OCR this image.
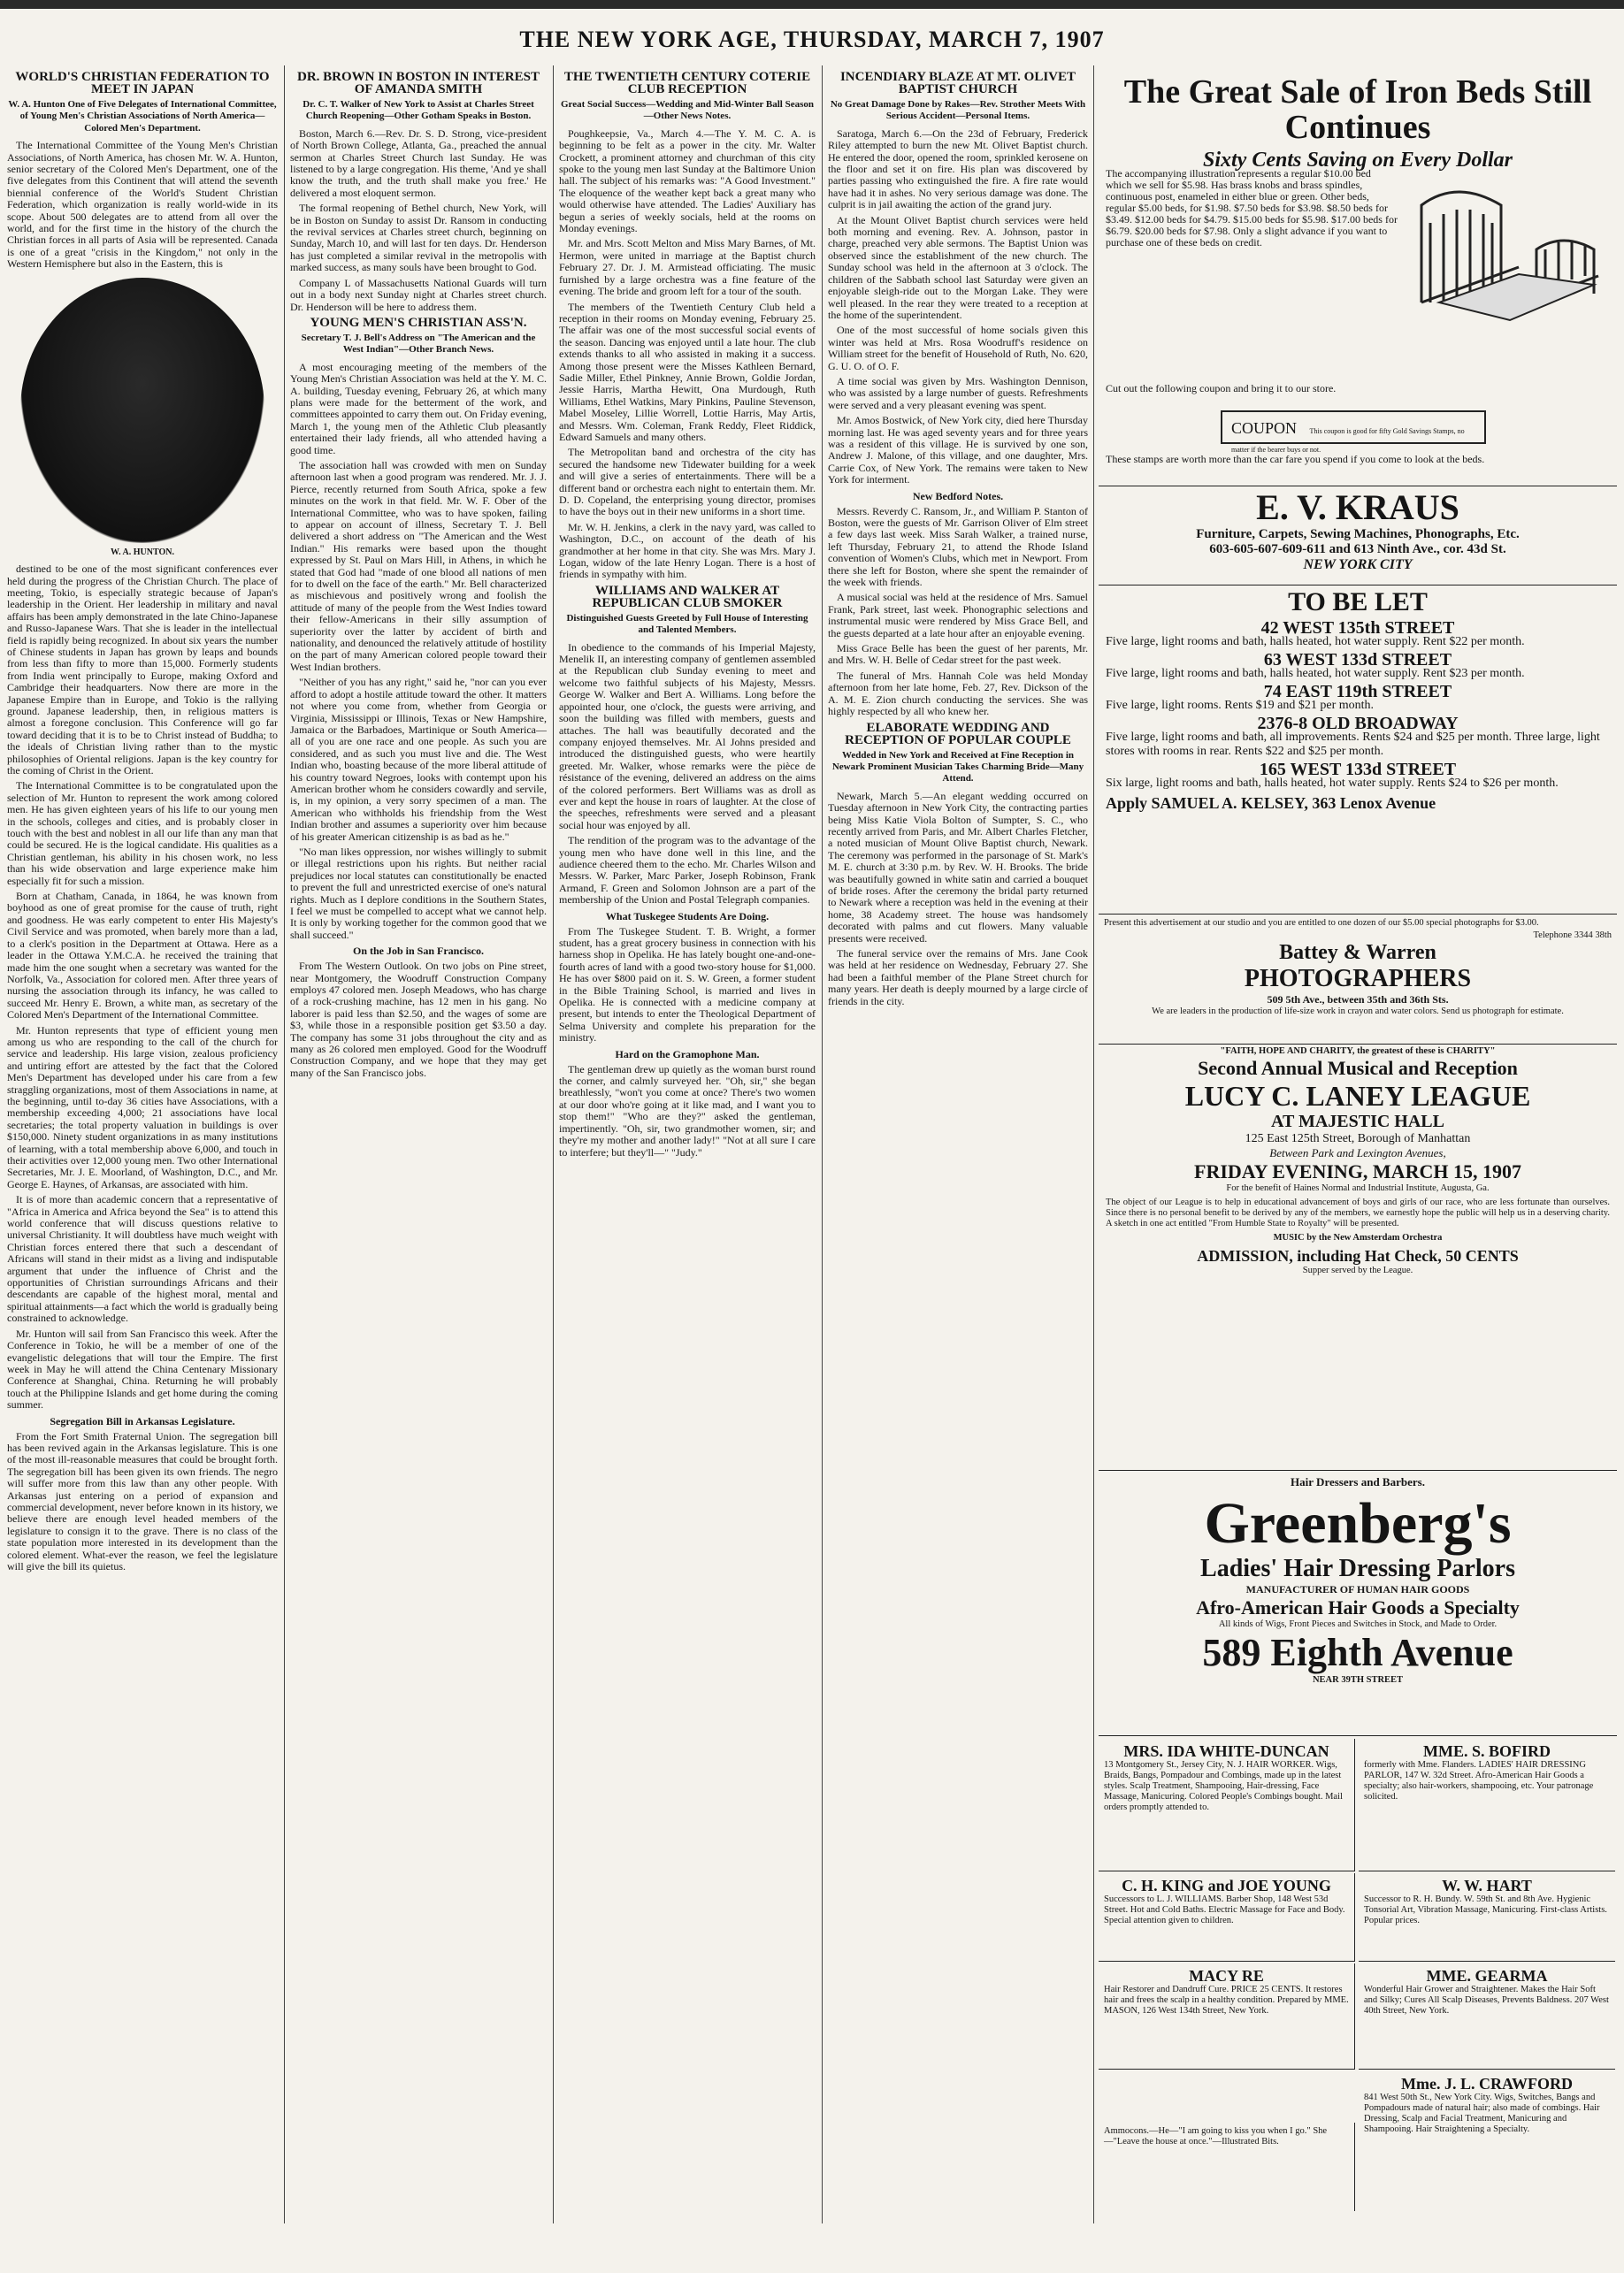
THE NEW YORK AGE, THURSDAY, MARCH 7, 1907
WORLD'S CHRISTIAN FEDERATION TO MEET IN JAPAN
W. A. Hunton One of Five Delegates of International Committee, of Young Men's Christian Associations of North America—Colored Men's Department.

The International Committee of the Young Men's Christian Associations, of North America, has chosen Mr. W. A. Hunton, senior secretary of the Colored Men's Department, one of the five delegates from this Continent that will attend the seventh biennial conference of the World's Student Christian Federation, which organization is really world-wide in its scope. About 500 delegates are to attend from all over the world, and for the first time in the history of the church the Christian forces in all parts of Asia will be represented. Canada is one of a great "crisis in the Kingdom," not only in the Western Hemisphere but also in the Eastern, this is

W. A. HUNTON.

destined to be one of the most significant conferences ever held during the progress of the Christian Church. The place of meeting, Tokio, is especially strategic because of Japan's leadership in the Orient. Her leadership in military and naval affairs has been amply demonstrated in the late Chino-Japanese and Russo-Japanese Wars. That she is leader in the intellectual field is rapidly being recognized. In about six years the number of Chinese students in Japan has grown by leaps and bounds from less than fifty to more than 15,000. Formerly students from India went principally to Europe, making Oxford and Cambridge their headquarters. Now there are more in the Japanese Empire than in Europe, and Tokio is the rallying ground. Japanese leadership, then, in religious matters is almost a foregone conclusion. This Conference will go far toward deciding that it is to be to Christ instead of Buddha; to the ideals of Christian living rather than to the mystic philosophies of Oriental religions. Japan is the key country for the coming of Christ in the Orient.

The International Committee is to be congratulated upon the selection of Mr. Hunton to represent the work among colored men. He has given eighteen years of his life to our young men in the schools, colleges and cities, and is probably closer in touch with the best and noblest in all our life than any man that could be secured. He is the logical candidate. His qualities as a Christian gentleman, his ability in his chosen work, no less than his wide observation and large experience make him especially fit for such a mission.

Born at Chatham, Canada, in 1864, he was known from boyhood as one of great promise for the cause of truth, right and goodness. He was early competent to enter His Majesty's Civil Service and was promoted, when barely more than a lad, to a clerk's position in the Department at Ottawa. Here as a leader in the Ottawa Y.M.C.A. he received the training that made him the one sought when a secretary was wanted for the Norfolk, Va., Association for colored men. After three years of nursing the association through its infancy, he was called to succeed Mr. Henry E. Brown, a white man, as secretary of the Colored Men's Department of the International Committee.

Mr. Hunton represents that type of efficient young men among us who are responding to the call of the church for service and leadership. His large vision, zealous proficiency and untiring effort are attested by the fact that the Colored Men's Department has developed under his care from a few straggling organizations, most of them Associations in name, at the beginning, until to-day 36 cities have Associations, with a membership exceeding 4,000; 21 associations have local secretaries; the total property valuation in buildings is over $150,000. Ninety student organizations in as many institutions of learning, with a total membership above 6,000, and touch in their activities over 12,000 young men. Two other International Secretaries, Mr. J. E. Moorland, of Washington, D.C., and Mr. George E. Haynes, of Arkansas, are associated with him.

It is of more than academic concern that a representative of "Africa in America and Africa beyond the Sea" is to attend this world conference that will discuss questions relative to universal Christianity. It will doubtless have much weight with Christian forces entered there that such a descendant of Africans will stand in their midst as a living and indisputable argument that under the influence of Christ and the opportunities of Christian surroundings Africans and their descendants are capable of the highest moral, mental and spiritual attainments—a fact which the world is gradually being constrained to acknowledge.

Mr. Hunton will sail from San Francisco this week. After the Conference in Tokio, he will be a member of one of the evangelistic delegations that will tour the Empire. The first week in May he will attend the China Centenary Missionary Conference at Shanghai, China. Returning he will probably touch at the Philippine Islands and get home during the coming summer.

Segregation Bill in Arkansas Legislature.

From the Fort Smith Fraternal Union. The segregation bill has been revived again in the Arkansas legislature. This is one of the most ill-reasonable measures that could be brought forth. The segregation bill has been given its own friends. The negro will suffer more from this law than any other people. With Arkansas just entering on a period of expansion and commercial development, never before known in its history, we believe there are enough level headed members of the legislature to consign it to the grave. There is no class of the state population more interested in its development than the colored element. What-ever the reason, we feel the legislature will give the bill its quietus.

DR. BROWN IN BOSTON IN INTEREST OF AMANDA SMITH
Dr. C. T. Walker of New York to Assist at Charles Street Church Reopening—Other Gotham Speaks in Boston.

Boston, March 6.—Rev. Dr. S. D. Strong, vice-president of North Brown College, Atlanta, Ga., preached the annual sermon at Charles Street Church last Sunday. He was listened to by a large congregation. His theme, 'And ye shall know the truth, and the truth shall make you free.' He delivered a most eloquent sermon.

The formal reopening of Bethel church, New York, will be in Boston on Sunday to assist Dr. Ransom in conducting the revival services at Charles street church, beginning on Sunday, March 10, and will last for ten days. Dr. Henderson has just completed a similar revival in the metropolis with marked success, as many souls have been brought to God.

Company L of Massachusetts National Guards will turn out in a body next Sunday night at Charles street church. Dr. Henderson will be here to address them.

YOUNG MEN'S CHRISTIAN ASS'N.
Secretary T. J. Bell's Address on "The American and the West Indian"—Other Branch News.

A most encouraging meeting of the members of the Young Men's Christian Association was held at the Y. M. C. A. building, Tuesday evening, February 26, at which many plans were made for the betterment of the work, and committees appointed to carry them out. On Friday evening, March 1, the young men of the Athletic Club pleasantly entertained their lady friends, all who attended having a good time.

The association hall was crowded with men on Sunday afternoon last when a good program was rendered. Mr. J. J. Pierce, recently returned from South Africa, spoke a few minutes on the work in that field. Mr. W. F. Ober of the International Committee, who was to have spoken, failing to appear on account of illness, Secretary T. J. Bell delivered a short address on "The American and the West Indian." His remarks were based upon the thought expressed by St. Paul on Mars Hill, in Athens, in which he stated that God had "made of one blood all nations of men for to dwell on the face of the earth." Mr. Bell characterized as mischievous and positively wrong and foolish the attitude of many of the people from the West Indies toward their fellow-Americans in their silly assumption of superiority over the latter by accident of birth and nationality, and denounced the relatively attitude of hostility on the part of many American colored people toward their West Indian brothers.

"Neither of you has any right," said he, "nor can you ever afford to adopt a hostile attitude toward the other. It matters not where you come from, whether from Georgia or Virginia, Mississippi or Illinois, Texas or New Hampshire, Jamaica or the Barbadoes, Martinique or South America—all of you are one race and one people. As such you are considered, and as such you must live and die. The West Indian who, boasting because of the more liberal attitude of his country toward Negroes, looks with contempt upon his American brother whom he considers cowardly and servile, is, in my opinion, a very sorry specimen of a man. The American who withholds his friendship from the West Indian brother and assumes a superiority over him because of his greater American citizenship is as bad as he."

"No man likes oppression, nor wishes willingly to submit or illegal restrictions upon his rights. But neither racial prejudices nor local statutes can constitutionally be enacted to prevent the full and unrestricted exercise of one's natural rights. Much as I deplore conditions in the Southern States, I feel we must be compelled to accept what we cannot help. It is only by working together for the common good that we shall succeed."

On the Job in San Francisco.

From The Western Outlook. On two jobs on Pine street, near Montgomery, the Woodruff Construction Company employs 47 colored men. Joseph Meadows, who has charge of a rock-crushing machine, has 12 men in his gang. No laborer is paid less than $2.50, and the wages of some are $3, while those in a responsible position get $3.50 a day. The company has some 31 jobs throughout the city and as many as 26 colored men employed. Good for the Woodruff Construction Company, and we hope that they may get many of the San Francisco jobs.

THE TWENTIETH CENTURY COTERIE CLUB RECEPTION
Great Social Success—Wedding and Mid-Winter Ball Season—Other News Notes.

Poughkeepsie, Va., March 4.—The Y. M. C. A. is beginning to be felt as a power in the city. Mr. Walter Crockett, a prominent attorney and churchman of this city spoke to the young men last Sunday at the Baltimore Union hall. The subject of his remarks was: "A Good Investment." The eloquence of the weather kept back a great many who would otherwise have attended. The Ladies' Auxiliary has begun a series of weekly socials, held at the rooms on Monday evenings.

Mr. and Mrs. Scott Melton and Miss Mary Barnes, of Mt. Hermon, were united in marriage at the Baptist church February 27. Dr. J. M. Armistead officiating. The music furnished by a large orchestra was a fine feature of the evening. The bride and groom left for a tour of the south.

The members of the Twentieth Century Club held a reception in their rooms on Monday evening, February 25. The affair was one of the most successful social events of the season. Dancing was enjoyed until a late hour. The club extends thanks to all who assisted in making it a success. Among those present were the Misses Kathleen Bernard, Sadie Miller, Ethel Pinkney, Annie Brown, Goldie Jordan, Jessie Harris, Martha Hewitt, Ona Murdough, Ruth Williams, Ethel Watkins, Mary Pinkins, Pauline Stevenson, Mabel Moseley, Lillie Worrell, Lottie Harris, May Artis, and Messrs. Wm. Coleman, Frank Reddy, Fleet Riddick, Edward Samuels and many others.

The Metropolitan band and orchestra of the city has secured the handsome new Tidewater building for a week and will give a series of entertainments. There will be a different band or orchestra each night to entertain them. Mr. D. D. Copeland, the enterprising young director, promises to have the boys out in their new uniforms in a short time.

Mr. W. H. Jenkins, a clerk in the navy yard, was called to Washington, D.C., on account of the death of his grandmother at her home in that city. She was Mrs. Mary J. Logan, widow of the late Henry Logan. There is a host of friends in sympathy with him.

WILLIAMS AND WALKER AT REPUBLICAN CLUB SMOKER
Distinguished Guests Greeted by Full House of Interesting and Talented Members.

In obedience to the commands of his Imperial Majesty, Menelik II, an interesting company of gentlemen assembled at the Republican club Sunday evening to meet and welcome two faithful subjects of his Majesty, Messrs. George W. Walker and Bert A. Williams. Long before the appointed hour, one o'clock, the guests were arriving, and soon the building was filled with members, guests and attaches. The hall was beautifully decorated and the company enjoyed themselves. Mr. Al Johns presided and introduced the distinguished guests, who were heartily greeted. Mr. Walker, whose remarks were the pièce de résistance of the evening, delivered an address on the aims of the colored performers. Bert Williams was as droll as ever and kept the house in roars of laughter. At the close of the speeches, refreshments were served and a pleasant social hour was enjoyed by all.

The rendition of the program was to the advantage of the young men who have done well in this line, and the audience cheered them to the echo. Mr. Charles Wilson and Messrs. W. Parker, Marc Parker, Joseph Robinson, Frank Armand, F. Green and Solomon Johnson are a part of the membership of the Union and Postal Telegraph companies.

What Tuskegee Students Are Doing.

From The Tuskegee Student. T. B. Wright, a former student, has a great grocery business in connection with his harness shop in Opelika. He has lately bought one-and-one-fourth acres of land with a good two-story house for $1,000. He has over $800 paid on it. S. W. Green, a former student in the Bible Training School, is married and lives in Opelika. He is connected with a medicine company at present, but intends to enter the Theological Department of Selma University and complete his preparation for the ministry.

Hard on the Gramophone Man.

The gentleman drew up quietly as the woman burst round the corner, and calmly surveyed her. "Oh, sir," she began breathlessly, "won't you come at once? There's two women at our door who're going at it like mad, and I want you to stop them!" "Who are they?" asked the gentleman, impertinently. "Oh, sir, two grandmother women, sir; and they're my mother and another lady!" "Not at all sure I care to interfere; but they'll—" "Judy."

INCENDIARY BLAZE AT MT. OLIVET BAPTIST CHURCH
No Great Damage Done by Rakes—Rev. Strother Meets With Serious Accident—Personal Items.

Saratoga, March 6.—On the 23d of February, Frederick Riley attempted to burn the new Mt. Olivet Baptist church. He entered the door, opened the room, sprinkled kerosene on the floor and set it on fire. His plan was discovered by parties passing who extinguished the fire. A fire rate would have had it in ashes. No very serious damage was done. The culprit is in jail awaiting the action of the grand jury.

At the Mount Olivet Baptist church services were held both morning and evening. Rev. A. Johnson, pastor in charge, preached very able sermons. The Baptist Union was observed since the establishment of the new church. The Sunday school was held in the afternoon at 3 o'clock. The children of the Sabbath school last Saturday were given an enjoyable sleigh-ride out to the Morgan Lake. They were well pleased. In the rear they were treated to a reception at the home of the superintendent.

One of the most successful of home socials given this winter was held at Mrs. Rosa Woodruff's residence on William street for the benefit of Household of Ruth, No. 620, G. U. O. of O. F.

A time social was given by Mrs. Washington Dennison, who was assisted by a large number of guests. Refreshments were served and a very pleasant evening was spent.

Mr. Amos Bostwick, of New York city, died here Thursday morning last. He was aged seventy years and for three years was a resident of this village. He is survived by one son, Andrew J. Malone, of this village, and one daughter, Mrs. Carrie Cox, of New York. The remains were taken to New York for interment.

New Bedford Notes.

Messrs. Reverdy C. Ransom, Jr., and William P. Stanton of Boston, were the guests of Mr. Garrison Oliver of Elm street a few days last week. Miss Sarah Walker, a trained nurse, left Thursday, February 21, to attend the Rhode Island convention of Women's Clubs, which met in Newport. From there she left for Boston, where she spent the remainder of the week with friends.

A musical social was held at the residence of Mrs. Samuel Frank, Park street, last week. Phonographic selections and instrumental music were rendered by Miss Grace Bell, and the guests departed at a late hour after an enjoyable evening.

Miss Grace Belle has been the guest of her parents, Mr. and Mrs. W. H. Belle of Cedar street for the past week.

The funeral of Mrs. Hannah Cole was held Monday afternoon from her late home, Feb. 27, Rev. Dickson of the A. M. E. Zion church conducting the services. She was highly respected by all who knew her.

ELABORATE WEDDING AND RECEPTION OF POPULAR COUPLE
Wedded in New York and Received at Fine Reception in Newark Prominent Musician Takes Charming Bride—Many Attend.

Newark, March 5.—An elegant wedding occurred on Tuesday afternoon in New York City, the contracting parties being Miss Katie Viola Bolton of Sumpter, S. C., who recently arrived from Paris, and Mr. Albert Charles Fletcher, a noted musician of Mount Olive Baptist church, Newark. The ceremony was performed in the parsonage of St. Mark's M. E. church at 3:30 p.m. by Rev. W. H. Brooks. The bride was beautifully gowned in white satin and carried a bouquet of bride roses. After the ceremony the bridal party returned to Newark where a reception was held in the evening at their home, 38 Academy street. The house was handsomely decorated with palms and cut flowers. Many valuable presents were received.

The funeral service over the remains of Mrs. Jane Cook was held at her residence on Wednesday, February 27. She had been a faithful member of the Plane Street church for many years. Her death is deeply mourned by a large circle of friends in the city.

The Great Sale of Iron Beds Still Continues
Sixty Cents Saving on Every Dollar
The accompanying illustration represents a regular $10.00 bed which we sell for $5.98. Has brass knobs and brass spindles, continuous post, enameled in either blue or green. Other beds, regular $5.00 beds, for $1.98. $7.50 beds for $3.98. $8.50 beds for $3.49. $12.00 beds for $4.79. $15.00 beds for $5.98. $17.00 beds for $6.79. $20.00 beds for $7.98. Only a slight advance if you want to purchase one of these beds on credit.
Cut out the following coupon and bring it to our store.
COUPON This coupon is good for fifty Gold Savings Stamps, no matter if the bearer buys or not.
These stamps are worth more than the car fare you spend if you come to look at the beds.
E. V. KRAUS
Furniture, Carpets, Sewing Machines, Phonographs, Etc.
603-605-607-609-611 and 613 Ninth Ave., cor. 43d St.
NEW YORK CITY
TO BE LET
42 WEST 135th STREET
Five large, light rooms and bath, halls heated, hot water supply. Rent $22 per month.
63 WEST 133d STREET
Five large, light rooms and bath, halls heated, hot water supply. Rent $23 per month.
74 EAST 119th STREET
Five large, light rooms. Rents $19 and $21 per month.
2376-8 OLD BROADWAY
Five large, light rooms and bath, all improvements. Rents $24 and $25 per month. Three large, light stores with rooms in rear. Rents $22 and $25 per month.
165 WEST 133d STREET
Six large, light rooms and bath, halls heated, hot water supply. Rents $24 to $26 per month.
Apply SAMUEL A. KELSEY, 363 Lenox Avenue
Present this advertisement at our studio and you are entitled to one dozen of our $5.00 special photographs for $3.00.
Telephone 3344 38th
Battey & Warren
PHOTOGRAPHERS
509 5th Ave., between 35th and 36th Sts.
We are leaders in the production of life-size work in crayon and water colors. Send us photograph for estimate.
"FAITH, HOPE AND CHARITY, the greatest of these is CHARITY"
Second Annual Musical and Reception
LUCY C. LANEY LEAGUE
AT MAJESTIC HALL
125 East 125th Street, Borough of Manhattan
Between Park and Lexington Avenues,
FRIDAY EVENING, MARCH 15, 1907
For the benefit of Haines Normal and Industrial Institute, Augusta, Ga.
The object of our League is to help in educational advancement of boys and girls of our race, who are less fortunate than ourselves. Since there is no personal benefit to be derived by any of the members, we earnestly hope the public will help us in a deserving charity. A sketch in one act entitled "From Humble State to Royalty" will be presented.
MUSIC by the New Amsterdam Orchestra
ADMISSION, including Hat Check, 50 CENTS
Supper served by the League.
Hair Dressers and Barbers.
Greenberg's
Ladies' Hair Dressing Parlors
MANUFACTURER OF HUMAN HAIR GOODS
Afro-American Hair Goods a Specialty
All kinds of Wigs, Front Pieces and Switches in Stock, and Made to Order.
589 Eighth Avenue
NEAR 39TH STREET
MRS. IDA WHITE-DUNCAN
13 Montgomery St., Jersey City, N. J. HAIR WORKER. Wigs, Braids, Bangs, Pompadour and Combings, made up in the latest styles. Scalp Treatment, Shampooing, Hair-dressing, Face Massage, Manicuring. Colored People's Combings bought. Mail orders promptly attended to.
MME. S. BOFIRD
formerly with Mme. Flanders. LADIES' HAIR DRESSING PARLOR, 147 W. 32d Street. Afro-American Hair Goods a specialty; also hair-workers, shampooing, etc. Your patronage solicited.
C. H. KING and JOE YOUNG
Successors to L. J. WILLIAMS. Barber Shop, 148 West 53d Street. Hot and Cold Baths. Electric Massage for Face and Body. Special attention given to children.
W. W. HART
Successor to R. H. Bundy. W. 59th St. and 8th Ave. Hygienic Tonsorial Art, Vibration Massage, Manicuring. First-class Artists. Popular prices.
MACY RE
Hair Restorer and Dandruff Cure. PRICE 25 CENTS. It restores hair and frees the scalp in a healthy condition. Prepared by MME. MASON, 126 West 134th Street, New York.
MME. GEARMA
Wonderful Hair Grower and Straightener. Makes the Hair Soft and Silky; Cures All Scalp Diseases, Prevents Baldness. 207 West 40th Street, New York.
Mme. J. L. CRAWFORD
841 West 50th St., New York City. Wigs, Switches, Bangs and Pompadours made of natural hair; also made of combings. Hair Dressing, Scalp and Facial Treatment, Manicuring and Shampooing. Hair Straightening a Specialty.
Ammocons.—He—"I am going to kiss you when I go." She—"Leave the house at once."—Illustrated Bits.
